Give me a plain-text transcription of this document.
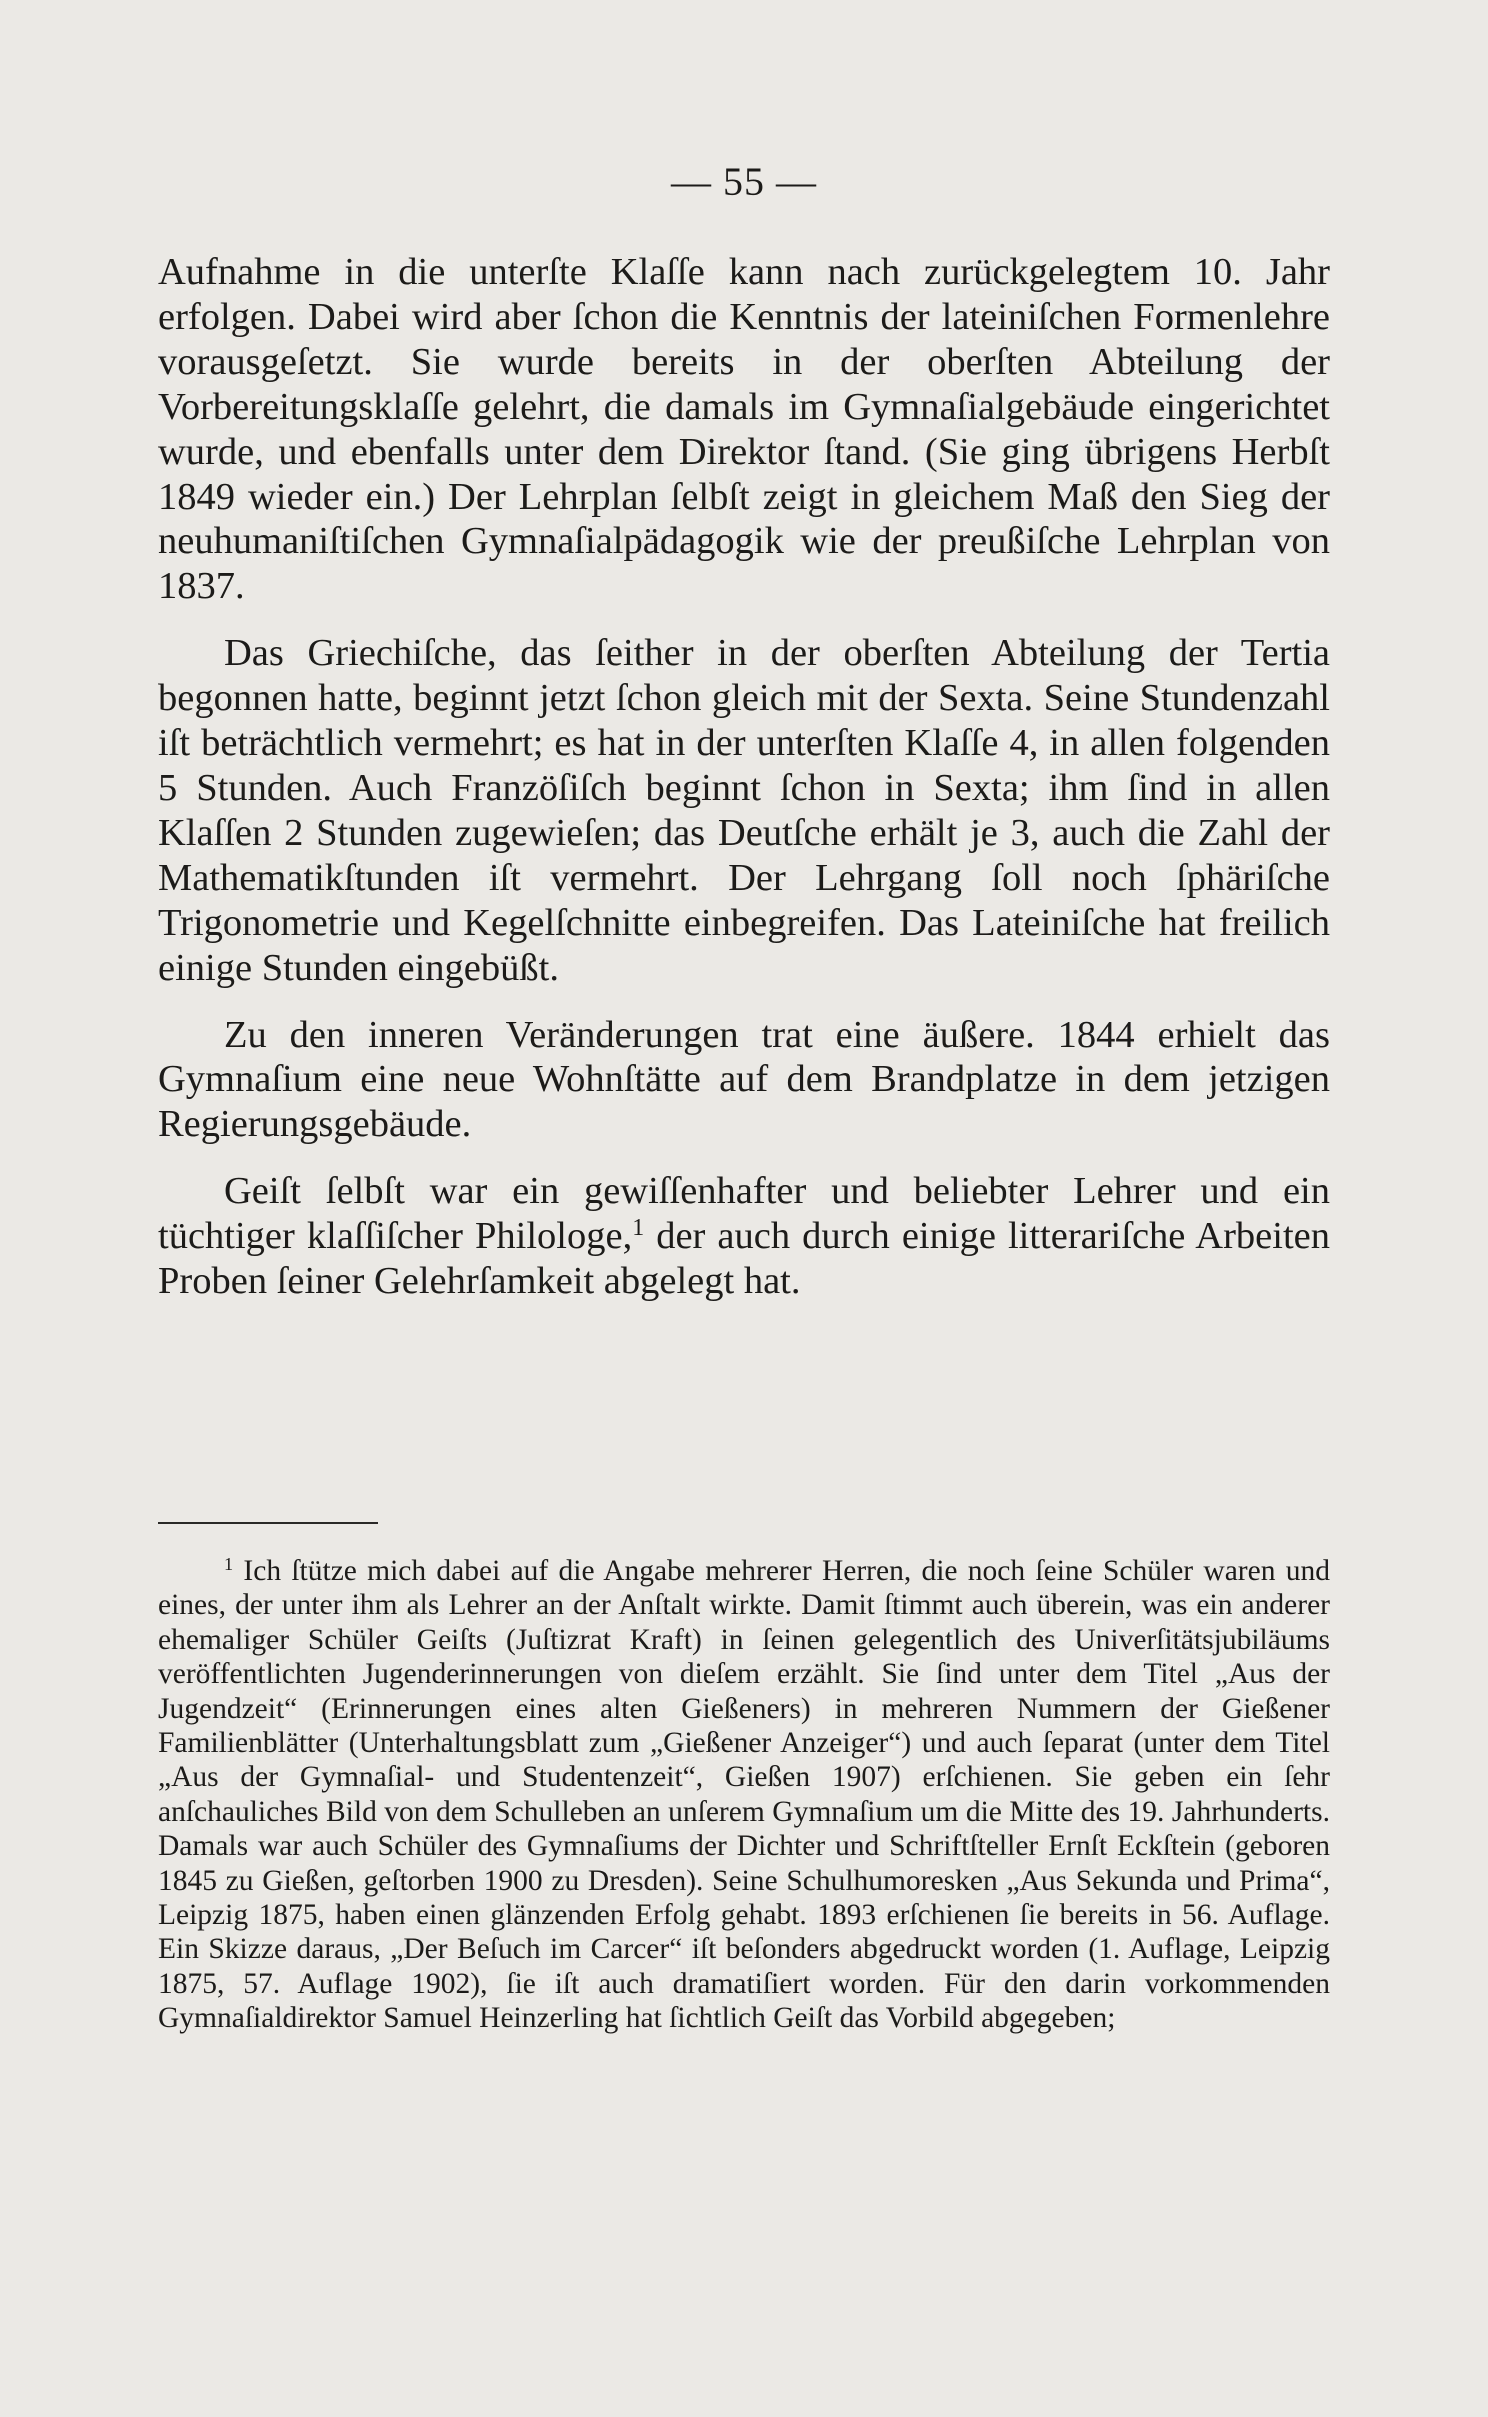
— 55 —

Aufnahme in die unterſte Klaſſe kann nach zurückgelegtem 10. Jahr erfolgen. Dabei wird aber ſchon die Kenntnis der lateiniſchen Formenlehre vorausgeſetzt. Sie wurde bereits in der oberſten Abteilung der Vorbereitungsklaſſe gelehrt, die damals im Gymnaſialgebäude eingerichtet wurde, und ebenfalls unter dem Direktor ſtand. (Sie ging übrigens Herbſt 1849 wieder ein.) Der Lehrplan ſelbſt zeigt in gleichem Maß den Sieg der neuhumaniſtiſchen Gymnaſialpädagogik wie der preußiſche Lehrplan von 1837.

Das Griechiſche, das ſeither in der oberſten Abteilung der Tertia begonnen hatte, beginnt jetzt ſchon gleich mit der Sexta. Seine Stundenzahl iſt beträchtlich vermehrt; es hat in der unterſten Klaſſe 4, in allen folgenden 5 Stunden. Auch Franzöſiſch beginnt ſchon in Sexta; ihm ſind in allen Klaſſen 2 Stunden zugewieſen; das Deutſche erhält je 3, auch die Zahl der Mathematikſtunden iſt vermehrt. Der Lehrgang ſoll noch ſphäriſche Trigonometrie und Kegelſchnitte einbegreifen. Das Lateiniſche hat freilich einige Stunden eingebüßt.

Zu den inneren Veränderungen trat eine äußere. 1844 erhielt das Gymnaſium eine neue Wohnſtätte auf dem Brandplatze in dem jetzigen Regierungsgebäude.

Geiſt ſelbſt war ein gewiſſenhafter und beliebter Lehrer und ein tüchtiger klaſſiſcher Philologe,$^1$ der auch durch einige litterariſche Arbeiten Proben ſeiner Gelehrſamkeit abgelegt hat.

$^1$ Ich ſtütze mich dabei auf die Angabe mehrerer Herren, die noch ſeine Schüler waren und eines, der unter ihm als Lehrer an der Anſtalt wirkte. Damit ſtimmt auch überein, was ein anderer ehemaliger Schüler Geiſts (Juſtizrat Kraft) in ſeinen gelegentlich des Univerſitätsjubiläums veröffentlichten Jugenderinnerungen von dieſem erzählt. Sie ſind unter dem Titel „Aus der Jugendzeit“ (Erinnerungen eines alten Gießeners) in mehreren Nummern der Gießener Familienblätter (Unterhaltungsblatt zum „Gießener Anzeiger“) und auch ſeparat (unter dem Titel „Aus der Gymnaſial- und Studentenzeit“, Gießen 1907) erſchienen. Sie geben ein ſehr anſchauliches Bild von dem Schulleben an unſerem Gymnaſium um die Mitte des 19. Jahrhunderts. Damals war auch Schüler des Gymnaſiums der Dichter und Schriftſteller Ernſt Eckſtein (geboren 1845 zu Gießen, geſtorben 1900 zu Dresden). Seine Schulhumoresken „Aus Sekunda und Prima“, Leipzig 1875, haben einen glänzenden Erfolg gehabt. 1893 erſchienen ſie bereits in 56. Auflage. Ein Skizze daraus, „Der Beſuch im Carcer“ iſt beſonders abgedruckt worden (1. Auflage, Leipzig 1875, 57. Auflage 1902), ſie iſt auch dramatiſiert worden. Für den darin vorkommenden Gymnaſialdirektor Samuel Heinzerling hat ſichtlich Geiſt das Vorbild abgegeben;
